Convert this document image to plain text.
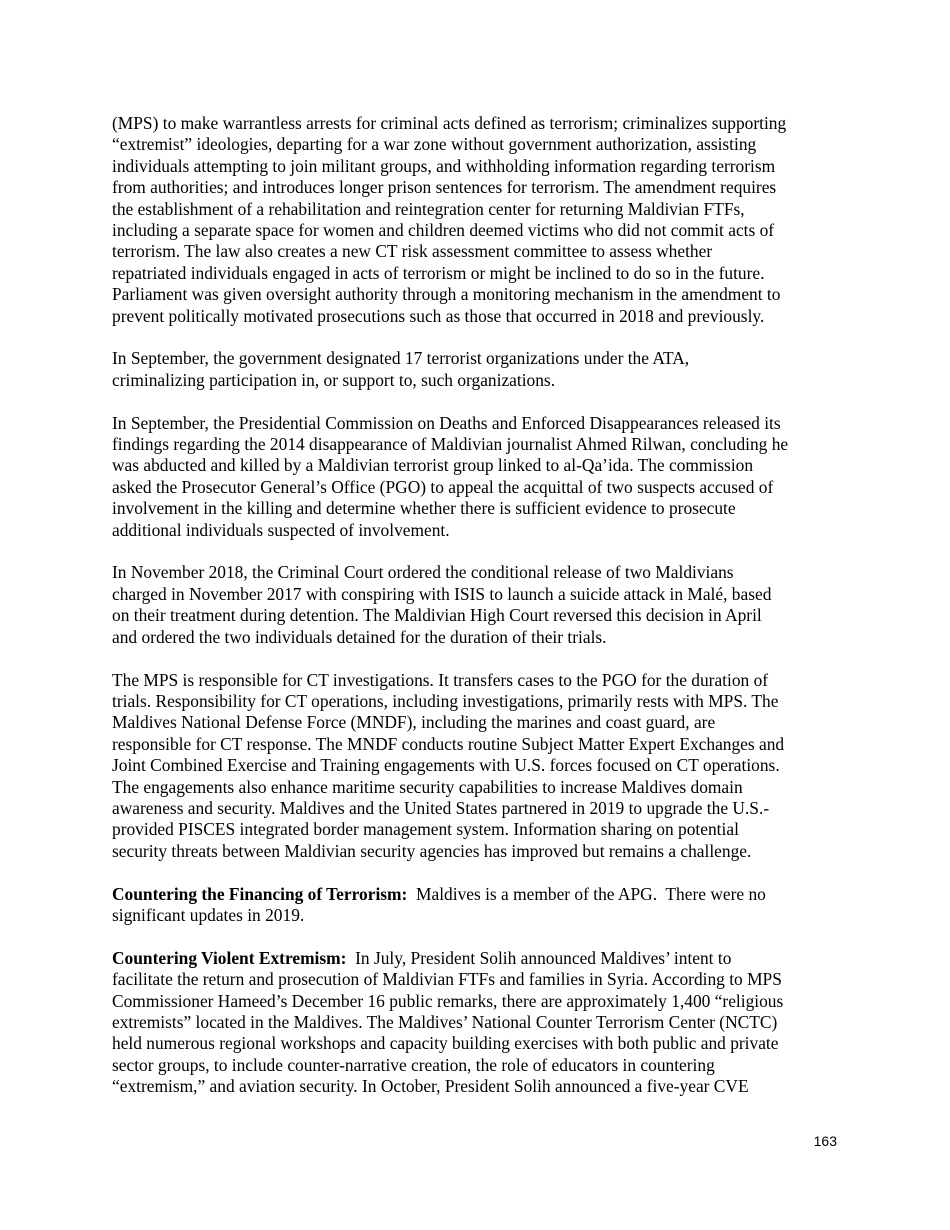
(MPS) to make warrantless arrests for criminal acts defined as terrorism; criminalizes supporting
“extremist” ideologies, departing for a war zone without government authorization, assisting
individuals attempting to join militant groups, and withholding information regarding terrorism
from authorities; and introduces longer prison sentences for terrorism. The amendment requires
the establishment of a rehabilitation and reintegration center for returning Maldivian FTFs,
including a separate space for women and children deemed victims who did not commit acts of
terrorism. The law also creates a new CT risk assessment committee to assess whether
repatriated individuals engaged in acts of terrorism or might be inclined to do so in the future.
Parliament was given oversight authority through a monitoring mechanism in the amendment to
prevent politically motivated prosecutions such as those that occurred in 2018 and previously.

In September, the government designated 17 terrorist organizations under the ATA,
criminalizing participation in, or support to, such organizations.

In September, the Presidential Commission on Deaths and Enforced Disappearances released its
findings regarding the 2014 disappearance of Maldivian journalist Ahmed Rilwan, concluding he
was abducted and killed by a Maldivian terrorist group linked to al-Qa’ida. The commission
asked the Prosecutor General’s Office (PGO) to appeal the acquittal of two suspects accused of
involvement in the killing and determine whether there is sufficient evidence to prosecute
additional individuals suspected of involvement.

In November 2018, the Criminal Court ordered the conditional release of two Maldivians
charged in November 2017 with conspiring with ISIS to launch a suicide attack in Malé, based
on their treatment during detention. The Maldivian High Court reversed this decision in April
and ordered the two individuals detained for the duration of their trials.

The MPS is responsible for CT investigations. It transfers cases to the PGO for the duration of
trials. Responsibility for CT operations, including investigations, primarily rests with MPS. The
Maldives National Defense Force (MNDF), including the marines and coast guard, are
responsible for CT response. The MNDF conducts routine Subject Matter Expert Exchanges and
Joint Combined Exercise and Training engagements with U.S. forces focused on CT operations.
The engagements also enhance maritime security capabilities to increase Maldives domain
awareness and security. Maldives and the United States partnered in 2019 to upgrade the U.S.-
provided PISCES integrated border management system. Information sharing on potential
security threats between Maldivian security agencies has improved but remains a challenge.

Countering the Financing of Terrorism:  Maldives is a member of the APG.  There were no
significant updates in 2019.

Countering Violent Extremism:  In July, President Solih announced Maldives’ intent to
facilitate the return and prosecution of Maldivian FTFs and families in Syria. According to MPS
Commissioner Hameed’s December 16 public remarks, there are approximately 1,400 “religious
extremists” located in the Maldives. The Maldives’ National Counter Terrorism Center (NCTC)
held numerous regional workshops and capacity building exercises with both public and private
sector groups, to include counter-narrative creation, the role of educators in countering
“extremism,” and aviation security. In October, President Solih announced a five-year CVE

163
